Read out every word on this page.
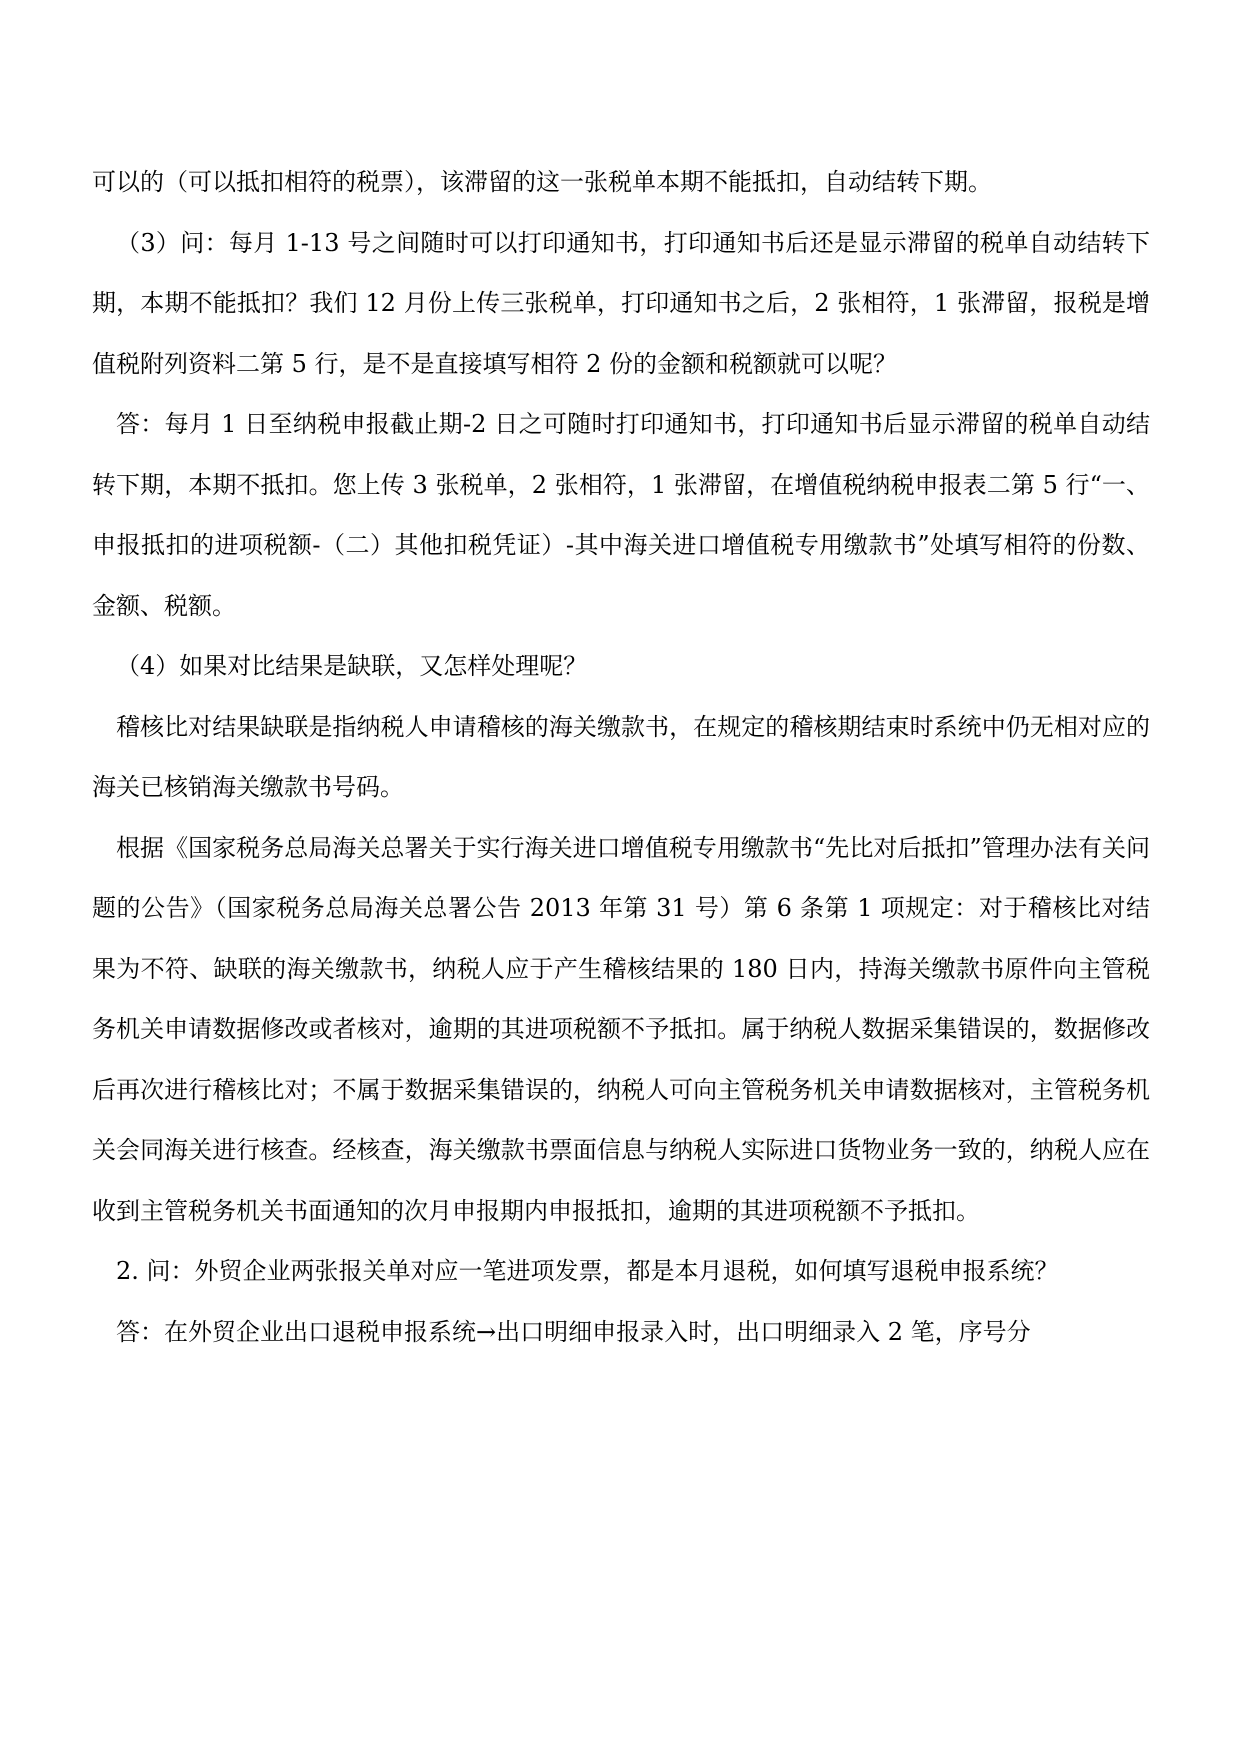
可以的（可以抵扣相符的税票），该滞留的这一张税单本期不能抵扣，自动结转下期。

（3）问：每月 1-13 号之间随时可以打印通知书，打印通知书后还是显示滞留的税单自动结转下期，本期不能抵扣？我们 12 月份上传三张税单，打印通知书之后，2 张相符，1 张滞留，报税是增值税附列资料二第 5 行，是不是直接填写相符 2 份的金额和税额就可以呢？

答：每月 1 日至纳税申报截止期-2 日之可随时打印通知书，打印通知书后显示滞留的税单自动结转下期，本期不抵扣。您上传 3 张税单，2 张相符，1 张滞留，在增值税纳税申报表二第 5 行“一、申报抵扣的进项税额-（二）其他扣税凭证）-其中海关进口增值税专用缴款书”处填写相符的份数、金额、税额。

（4）如果对比结果是缺联，又怎样处理呢？

稽核比对结果缺联是指纳税人申请稽核的海关缴款书，在规定的稽核期结束时系统中仍无相对应的海关已核销海关缴款书号码。

根据《国家税务总局海关总署关于实行海关进口增值税专用缴款书“先比对后抵扣”管理办法有关问题的公告》（国家税务总局海关总署公告 2013 年第 31 号）第 6 条第 1 项规定：对于稽核比对结果为不符、缺联的海关缴款书，纳税人应于产生稽核结果的 180 日内，持海关缴款书原件向主管税务机关申请数据修改或者核对，逾期的其进项税额不予抵扣。属于纳税人数据采集错误的，数据修改后再次进行稽核比对；不属于数据采集错误的，纳税人可向主管税务机关申请数据核对，主管税务机关会同海关进行核查。经核查，海关缴款书票面信息与纳税人实际进口货物业务一致的，纳税人应在收到主管税务机关书面通知的次月申报期内申报抵扣，逾期的其进项税额不予抵扣。

2. 问：外贸企业两张报关单对应一笔进项发票，都是本月退税，如何填写退税申报系统？

答：在外贸企业出口退税申报系统→出口明细申报录入时，出口明细录入 2 笔，序号分
